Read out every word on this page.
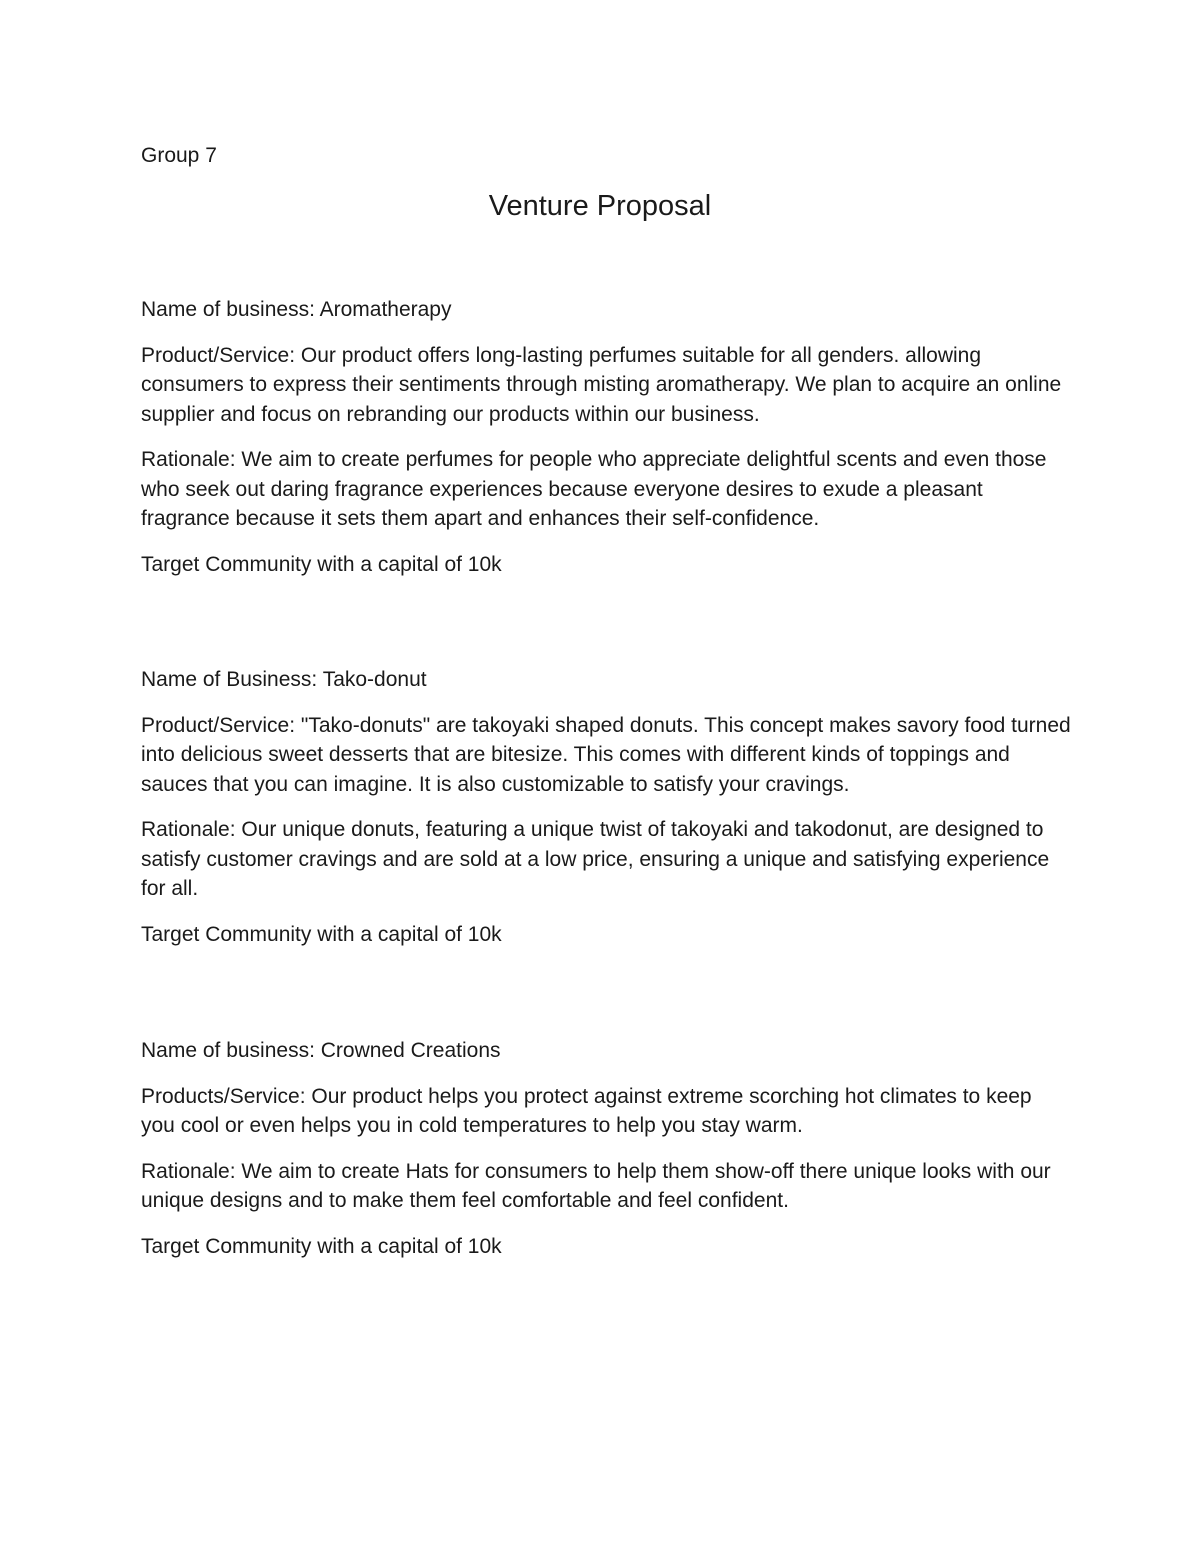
Group 7
Venture Proposal

Name of business: Aromatherapy

Product/Service: Our product offers long-lasting perfumes suitable for all genders. allowing consumers to express their sentiments through misting aromatherapy. We plan to acquire an online supplier and focus on rebranding our products within our business.

Rationale: We aim to create perfumes for people who appreciate delightful scents and even those who seek out daring fragrance experiences because everyone desires to exude a pleasant fragrance because it sets them apart and enhances their self-confidence.

Target Community with a capital of 10k

Name of Business: Tako-donut

Product/Service: "Tako-donuts" are takoyaki shaped donuts. This concept makes savory food turned into delicious sweet desserts that are bitesize. This comes with different kinds of toppings and sauces that you can imagine. It is also customizable to satisfy your cravings.

Rationale: Our unique donuts, featuring a unique twist of takoyaki and takodonut, are designed to satisfy customer cravings and are sold at a low price, ensuring a unique and satisfying experience for all.

Target Community with a capital of 10k

Name of business: Crowned Creations

Products/Service: Our product helps you protect against extreme scorching hot climates to keep you cool or even helps you in cold temperatures to help you stay warm.

Rationale: We aim to create Hats for consumers to help them show-off there unique looks with our unique designs and to make them feel comfortable and feel confident.

Target Community with a capital of 10k
